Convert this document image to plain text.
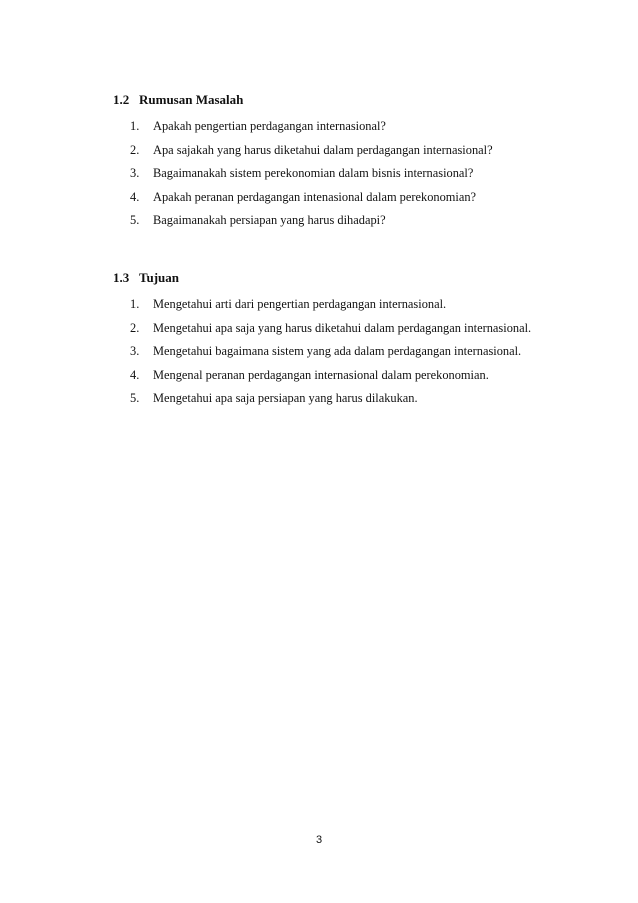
1.2 Rumusan Masalah
1. Apakah pengertian perdagangan internasional?
2. Apa sajakah yang harus diketahui dalam perdagangan internasional?
3. Bagaimanakah sistem perekonomian dalam bisnis internasional?
4. Apakah peranan perdagangan intenasional dalam perekonomian?
5. Bagaimanakah persiapan yang harus dihadapi?
1.3 Tujuan
1. Mengetahui arti dari pengertian perdagangan internasional.
2. Mengetahui apa saja yang harus diketahui dalam perdagangan internasional.
3. Mengetahui bagaimana sistem yang ada dalam perdagangan internasional.
4. Mengenal peranan perdagangan internasional dalam perekonomian.
5. Mengetahui apa saja persiapan yang harus dilakukan.
3
